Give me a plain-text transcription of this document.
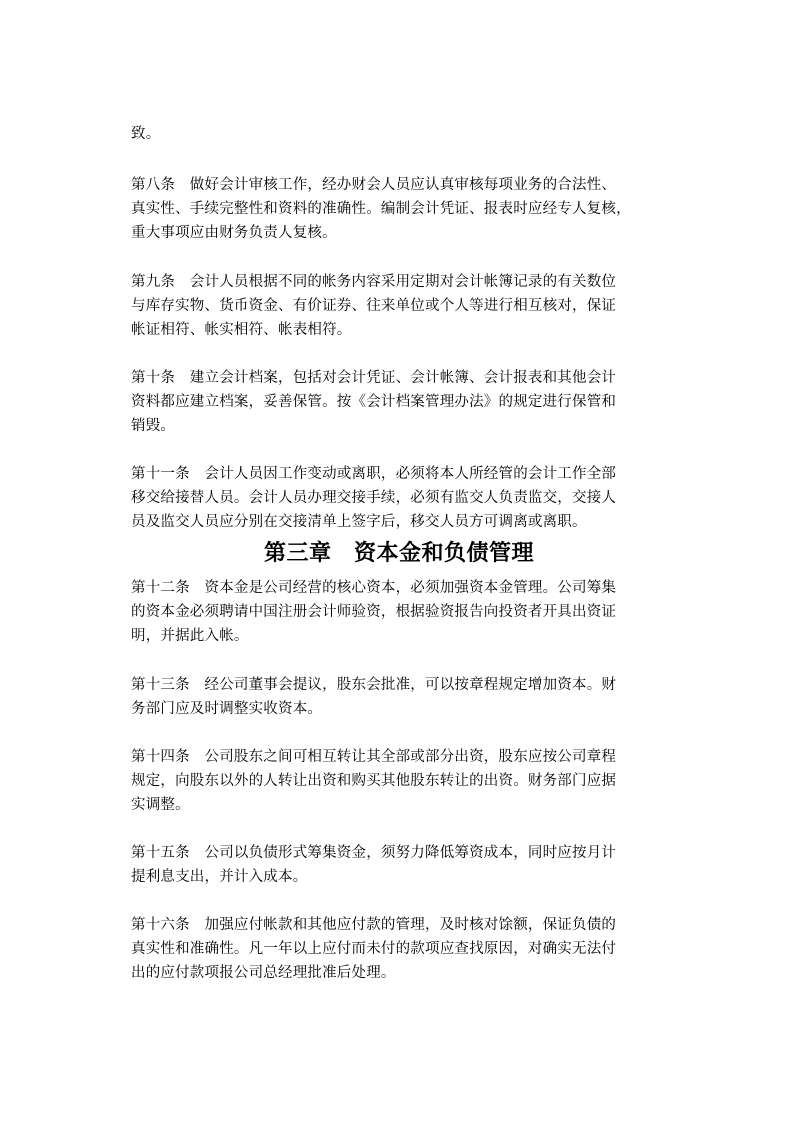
致。
第八条　做好会计审核工作，经办财会人员应认真审核每项业务的合法性、
真实性、手续完整性和资料的准确性。编制会计凭证、报表时应经专人复核，
重大事项应由财务负责人复核。
第九条　会计人员根据不同的帐务内容采用定期对会计帐簿记录的有关数位
与库存实物、货币资金、有价证券、往来单位或个人等进行相互核对，保证
帐证相符、帐实相符、帐表相符。
第十条　建立会计档案，包括对会计凭证、会计帐簿、会计报表和其他会计
资料都应建立档案，妥善保管。按《会计档案管理办法》的规定进行保管和
销毁。
第十一条　会计人员因工作变动或离职，必须将本人所经管的会计工作全部
移交给接替人员。会计人员办理交接手续，必须有监交人负责监交，交接人
员及监交人员应分别在交接清单上签字后，移交人员方可调离或离职。
第三章　资本金和负债管理
第十二条　资本金是公司经营的核心资本，必须加强资本金管理。公司筹集
的资本金必须聘请中国注册会计师验资，根据验资报告向投资者开具出资证
明，并据此入帐。
第十三条　经公司董事会提议，股东会批准，可以按章程规定增加资本。财
务部门应及时调整实收资本。
第十四条　公司股东之间可相互转让其全部或部分出资，股东应按公司章程
规定，向股东以外的人转让出资和购买其他股东转让的出资。财务部门应据
实调整。
第十五条　公司以负债形式筹集资金，须努力降低筹资成本，同时应按月计
提利息支出，并计入成本。
第十六条　加强应付帐款和其他应付款的管理，及时核对馀额，保证负债的
真实性和准确性。凡一年以上应付而未付的款项应查找原因，对确实无法付
出的应付款项报公司总经理批准后处理。
